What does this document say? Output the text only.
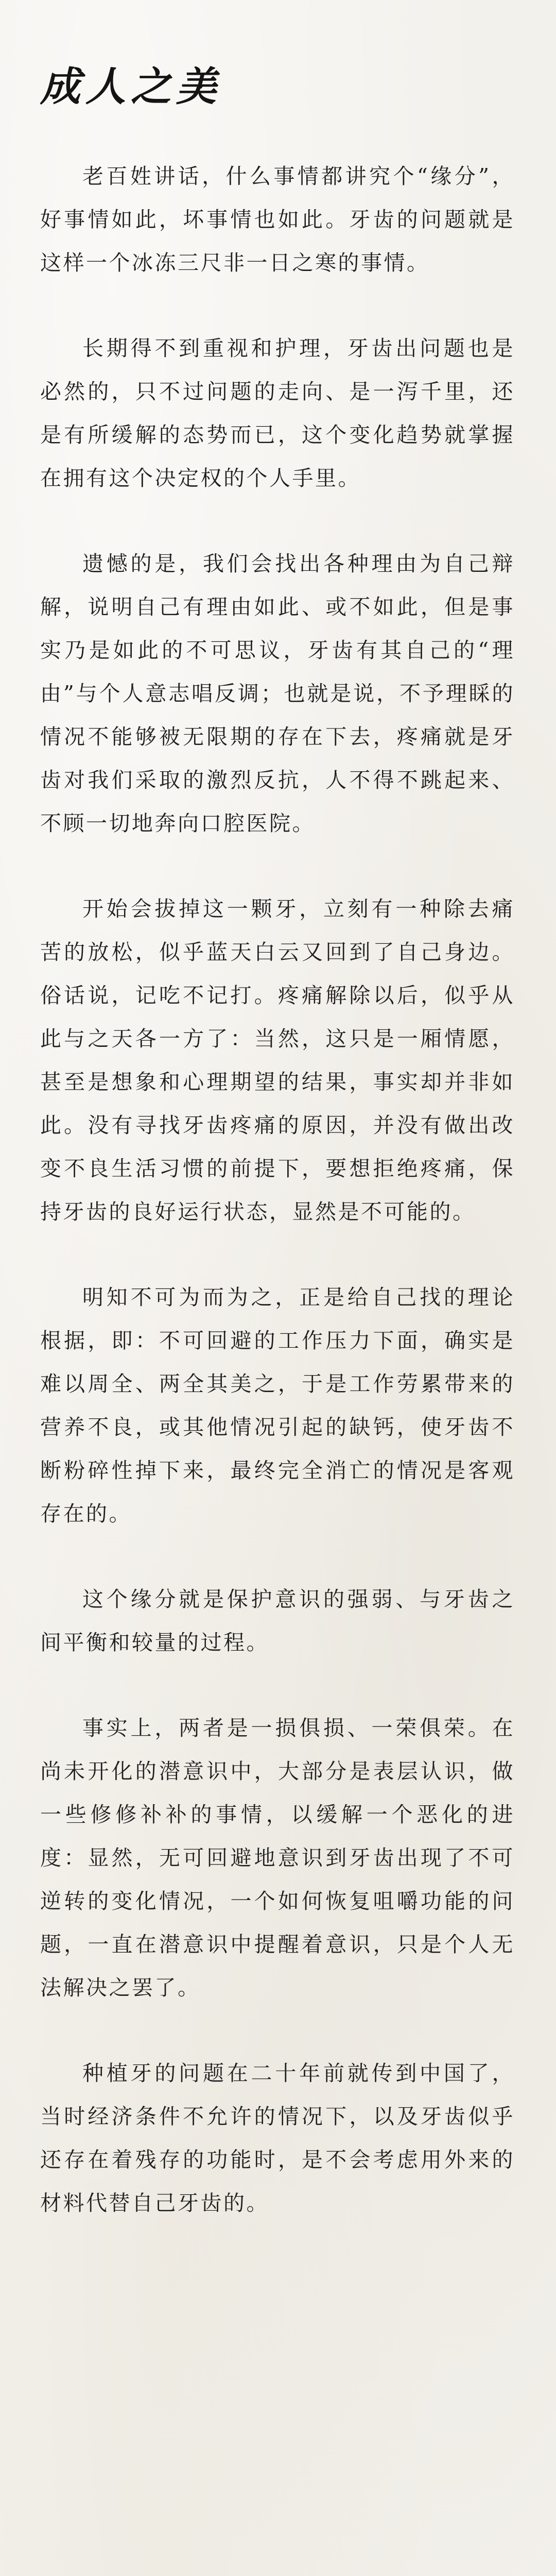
成人之美

老百姓讲话，什么事情都讲究个“缘分”，好事情如此，坏事情也如此。牙齿的问题就是这样一个冰冻三尺非一日之寒的事情。

长期得不到重视和护理，牙齿出问题也是必然的，只不过问题的走向、是一泻千里，还是有所缓解的态势而已，这个变化趋势就掌握在拥有这个决定权的个人手里。

遗憾的是，我们会找出各种理由为自己辩解，说明自己有理由如此、或不如此，但是事实乃是如此的不可思议，牙齿有其自己的“理由”与个人意志唱反调；也就是说，不予理睬的情况不能够被无限期的存在下去，疼痛就是牙齿对我们采取的激烈反抗，人不得不跳起来、不顾一切地奔向口腔医院。

开始会拔掉这一颗牙，立刻有一种除去痛苦的放松，似乎蓝天白云又回到了自己身边。俗话说，记吃不记打。疼痛解除以后，似乎从此与之天各一方了：当然，这只是一厢情愿，甚至是想象和心理期望的结果，事实却并非如此。没有寻找牙齿疼痛的原因，并没有做出改变不良生活习惯的前提下，要想拒绝疼痛，保持牙齿的良好运行状态，显然是不可能的。

明知不可为而为之，正是给自己找的理论根据，即：不可回避的工作压力下面，确实是难以周全、两全其美之，于是工作劳累带来的营养不良，或其他情况引起的缺钙，使牙齿不断粉碎性掉下来，最终完全消亡的情况是客观存在的。

这个缘分就是保护意识的强弱、与牙齿之间平衡和较量的过程。

事实上，两者是一损俱损、一荣俱荣。在尚未开化的潜意识中，大部分是表层认识，做一些修修补补的事情，以缓解一个恶化的进度：显然，无可回避地意识到牙齿出现了不可逆转的变化情况，一个如何恢复咀嚼功能的问题，一直在潜意识中提醒着意识，只是个人无法解决之罢了。

种植牙的问题在二十年前就传到中国了，当时经济条件不允许的情况下，以及牙齿似乎还存在着残存的功能时，是不会考虑用外来的材料代替自己牙齿的。
